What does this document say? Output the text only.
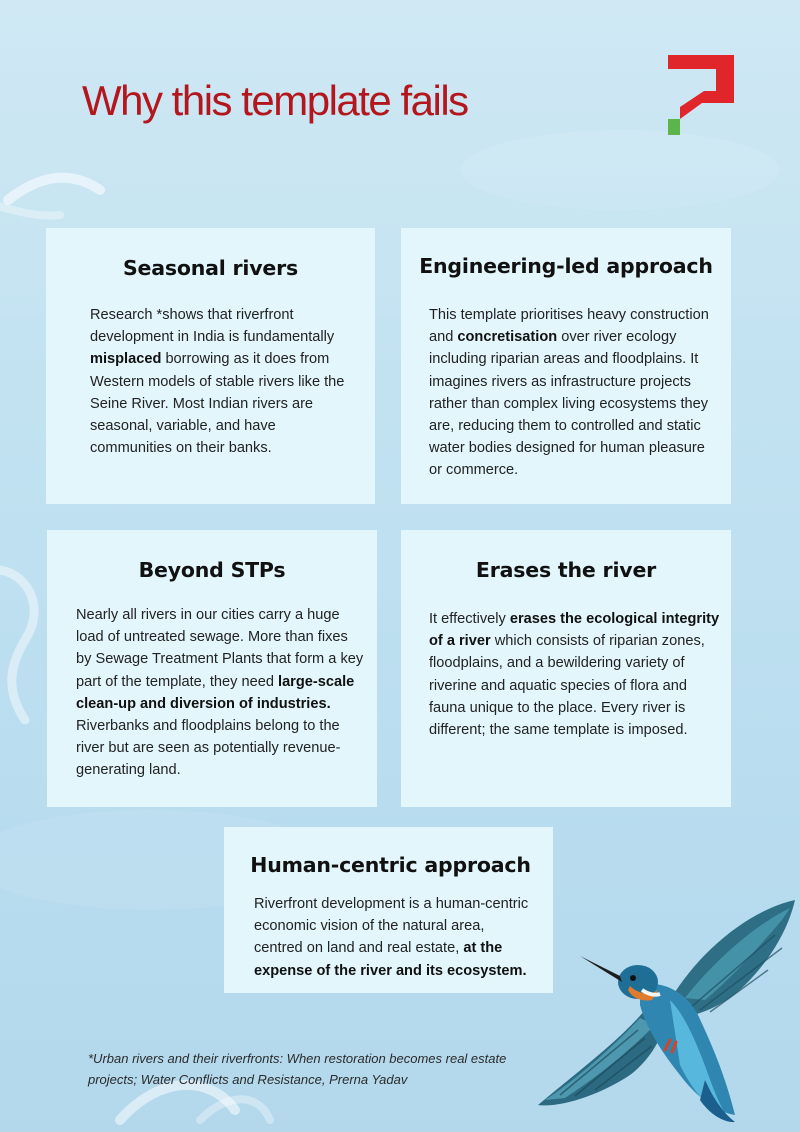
Why this template fails
Seasonal rivers

Research *shows that riverfront development in India is fundamentally misplaced borrowing as it does from Western models of stable rivers like the Seine River. Most Indian rivers are seasonal, variable, and have communities on their banks.

Engineering-led approach

This template prioritises heavy construction and concretisation over river ecology including riparian areas and floodplains. It imagines rivers as infrastructure projects rather than complex living ecosystems they are, reducing them to controlled and static water bodies designed for human pleasure or commerce.

Beyond STPs

Nearly all rivers in our cities carry a huge load of untreated sewage. More than fixes by Sewage Treatment Plants that form a key part of the template, they need large-scale clean-up and diversion of industries. Riverbanks and floodplains belong to the river but are seen as potentially revenue-generating land.

Erases the river

It effectively erases the ecological integrity of a river which consists of riparian zones, floodplains, and a bewildering variety of riverine and aquatic species of flora and fauna unique to the place. Every river is different; the same template is imposed.

Human-centric approach

Riverfront development is a human-centric economic vision of the natural area, centred on land and real estate, at the expense of the river and its ecosystem.

*Urban rivers and their riverfronts: When restoration becomes real estate projects; Water Conflicts and Resistance, Prerna Yadav
